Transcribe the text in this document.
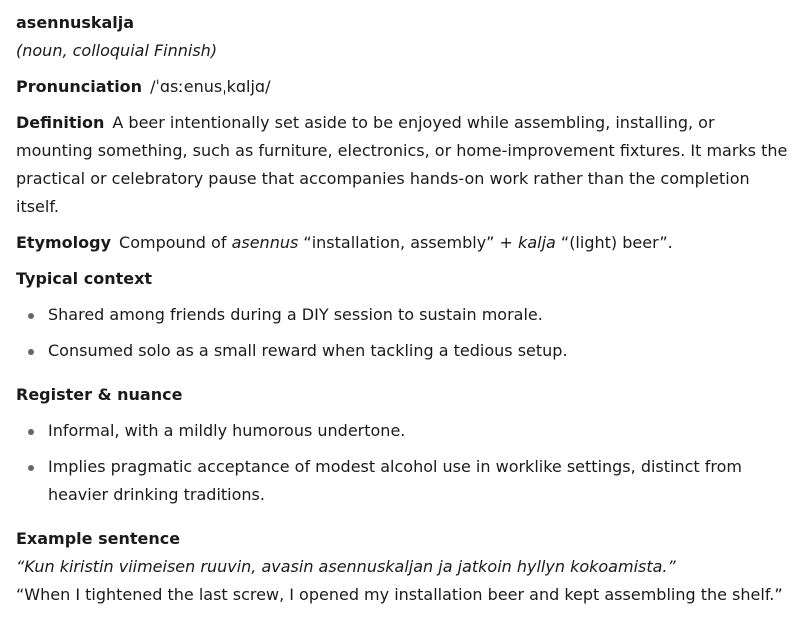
asennuskalja

(noun, colloquial Finnish)

Pronunciation /ˈɑsːenusˌkɑljɑ/

Definition A beer intentionally set aside to be enjoyed while assembling, installing, or mounting something, such as furniture, electronics, or home-improvement fixtures. It marks the practical or celebratory pause that accompanies hands-on work rather than the completion itself.

Etymology Compound of asennus “installation, assembly” + kalja “(light) beer”.

Typical context

Shared among friends during a DIY session to sustain morale.
Consumed solo as a small reward when tackling a tedious setup.

Register & nuance

Informal, with a mildly humorous undertone.
Implies pragmatic acceptance of modest alcohol use in worklike settings, distinct from heavier drinking traditions.

Example sentence

“Kun kiristin viimeisen ruuvin, avasin asennuskaljan ja jatkoin hyllyn kokoamista.”

“When I tightened the last screw, I opened my installation beer and kept assembling the shelf.”
